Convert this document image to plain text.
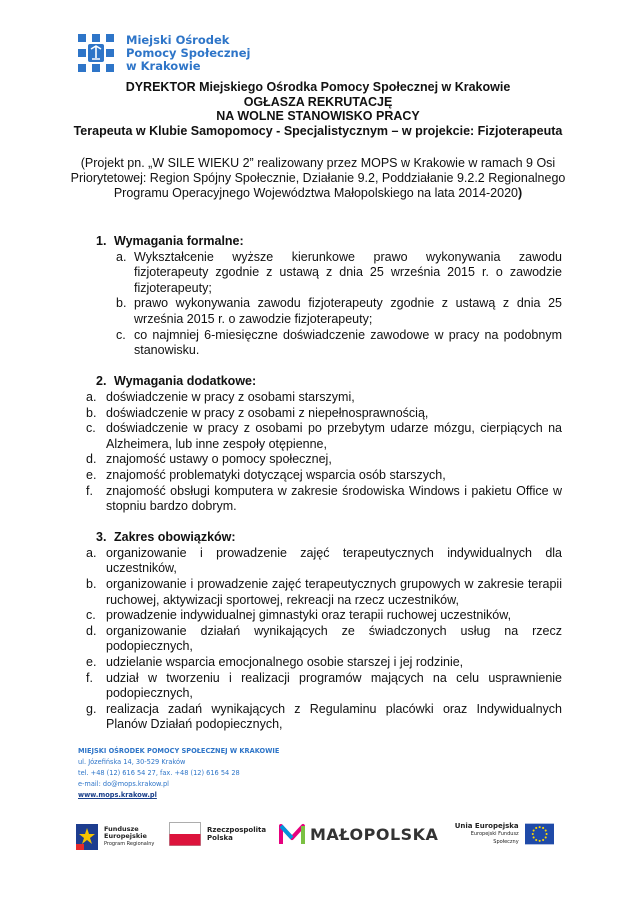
Miejski Ośrodek
Pomocy Społecznej
w Krakowie
DYREKTOR Miejskiego Ośrodka Pomocy Społecznej w Krakowie
OGŁASZA REKRUTACJĘ
NA WOLNE STANOWISKO PRACY
Terapeuta w Klubie Samopomocy - Specjalistycznym – w projekcie: Fizjoterapeuta
(Projekt pn. „W SILE WIEKU 2” realizowany przez MOPS w Krakowie w ramach 9 Osi Priorytetowej: Region Spójny Społecznie, Działanie 9.2, Poddziałanie 9.2.2 Regionalnego Programu Operacyjnego Województwa Małopolskiego na lata 2014-2020)
1. Wymagania formalne:
a. Wykształcenie wyższe kierunkowe prawo wykonywania zawodu fizjoterapeuty zgodnie z ustawą z dnia 25 września 2015 r. o zawodzie fizjoterapeuty;
b. prawo wykonywania zawodu fizjoterapeuty zgodnie z ustawą z dnia 25 września 2015 r. o zawodzie fizjoterapeuty;
c. co najmniej 6-miesięczne doświadczenie zawodowe w pracy na podobnym stanowisku.
2. Wymagania dodatkowe:
a. doświadczenie w pracy z osobami starszymi,
b. doświadczenie w pracy z osobami z niepełnosprawnością,
c. doświadczenie w pracy z osobami po przebytym udarze mózgu, cierpiących na Alzheimera, lub inne zespoły otępienne,
d. znajomość ustawy o pomocy społecznej,
e. znajomość problematyki dotyczącej wsparcia osób starszych,
f.	znajomość obsługi komputera w zakresie środowiska Windows i pakietu Office w stopniu bardzo dobrym.
3. Zakres obowiązków:
a. organizowanie i prowadzenie zajęć terapeutycznych indywidualnych dla uczestników,
b. organizowanie i prowadzenie zajęć terapeutycznych grupowych w zakresie terapii ruchowej, aktywizacji sportowej, rekreacji na rzecz uczestników,
c. prowadzenie indywidualnej gimnastyki oraz terapii ruchowej uczestników,
d. organizowanie działań wynikających ze świadczonych usług na rzecz podopiecznych,
e. udzielanie wsparcia emocjonalnego osobie starszej i jej rodzinie,
f.	udział w tworzeniu i realizacji programów mających na celu usprawnienie podopiecznych,
g. realizacja zadań wynikających z Regulaminu placówki oraz Indywidualnych Planów Działań podopiecznych,
MIEJSKI OŚRODEK POMOCY SPOŁECZNEJ W KRAKOWIE
ul. Józefińska 14, 30-529 Kraków
tel. +48 (12) 616 54 27, fax. +48 (12) 616 54 28
e-mail: do@mops.krakow.pl
www.mops.krakow.pl
Fundusze
Europejskie
Program Regionalny
Rzeczpospolita
Polska	MAŁOPOLSKA Unia Europejska
Europejski Fundusz Społeczny
